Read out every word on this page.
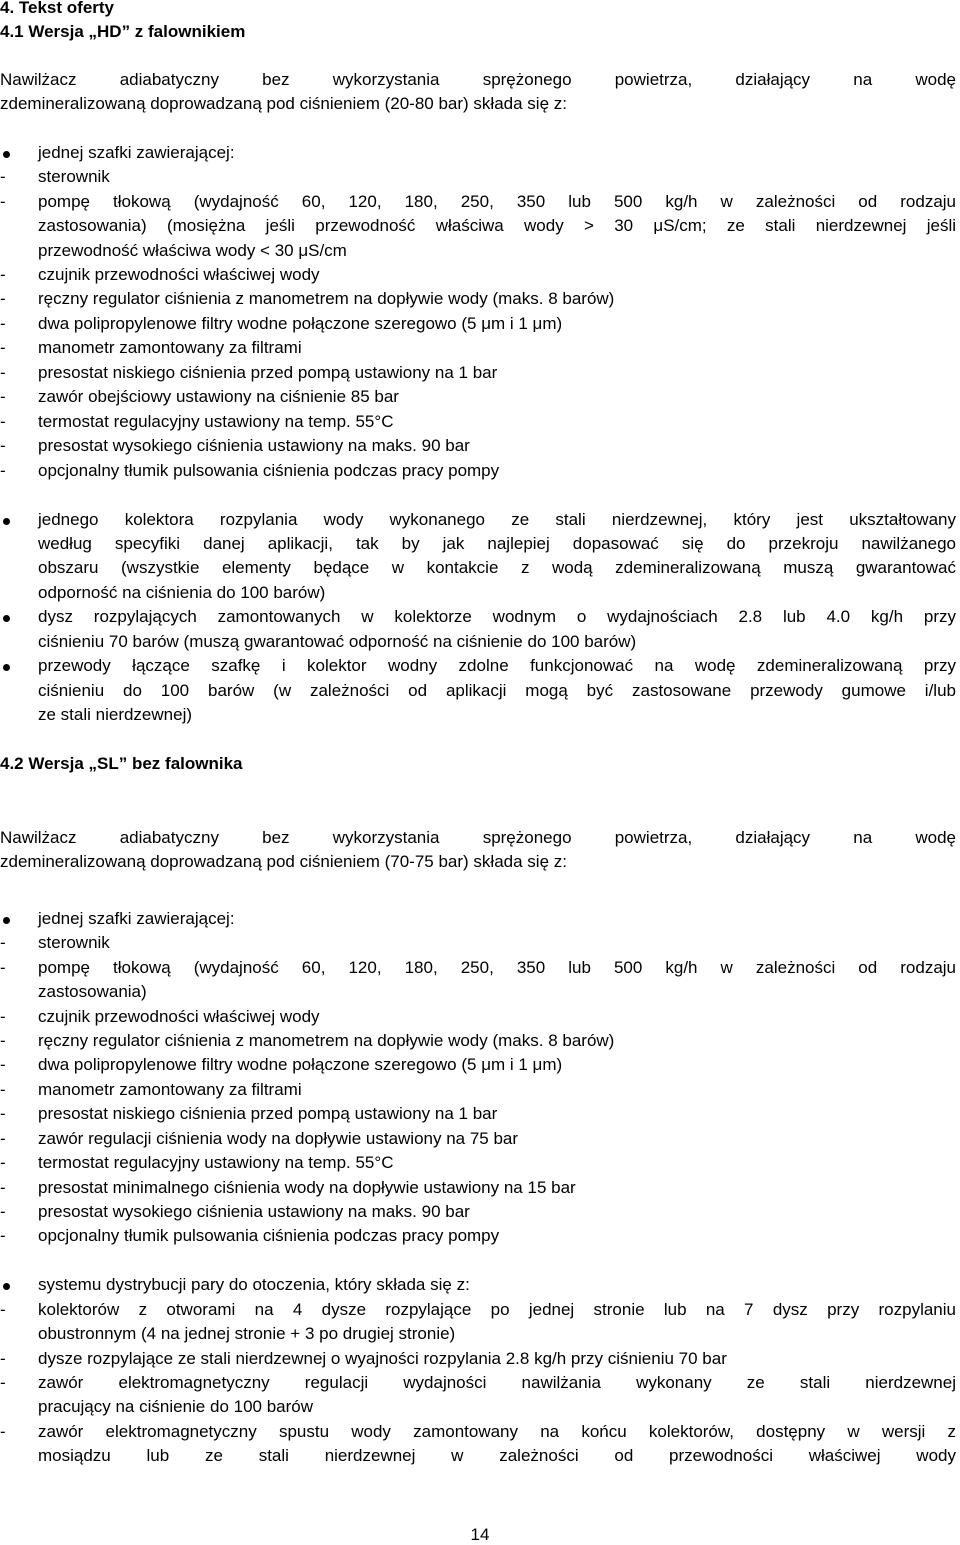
4. Tekst oferty
4.1 Wersja „HD” z falownikiem
Nawilżacz adiabatyczny bez wykorzystania sprężonego powietrza, działający na wodę
zdemineralizowaną doprowadzaną pod ciśnieniem (20-80 bar) składa się z:
jednej szafki zawierającej:
- sterownik
- pompę tłokową (wydajność 60, 120, 180, 250, 350 lub 500 kg/h w zależności od rodzaju
zastosowania) (mosiężna jeśli przewodność właściwa wody > 30 μS/cm; ze stali nierdzewnej jeśli
przewodność właściwa wody < 30 μS/cm
- czujnik przewodności właściwej wody
- ręczny regulator ciśnienia z manometrem na dopływie wody (maks. 8 barów)
- dwa polipropylenowe filtry wodne połączone szeregowo (5 μm i 1 μm)
- manometr zamontowany za filtrami
- presostat niskiego ciśnienia przed pompą ustawiony na 1 bar
- zawór obejściowy ustawiony na ciśnienie 85 bar
- termostat regulacyjny ustawiony na temp. 55°C
- presostat wysokiego ciśnienia ustawiony na maks. 90 bar
- opcjonalny tłumik pulsowania ciśnienia podczas pracy pompy
jednego kolektora rozpylania wody wykonanego ze stali nierdzewnej, który jest ukształtowany
według specyfiki danej aplikacji, tak by jak najlepiej dopasować się do przekroju nawilżanego
obszaru (wszystkie elementy będące w kontakcie z wodą zdemineralizowaną muszą gwarantować
odporność na ciśnienia do 100 barów)
dysz rozpylających zamontowanych w kolektorze wodnym o wydajnościach 2.8 lub 4.0 kg/h przy
ciśnieniu 70 barów (muszą gwarantować odporność na ciśnienie do 100 barów)
przewody łączące szafkę i kolektor wodny zdolne funkcjonować na wodę zdemineralizowaną przy
ciśnieniu do 100 barów (w zależności od aplikacji mogą być zastosowane przewody gumowe i/lub
ze stali nierdzewnej)
4.2 Wersja „SL” bez falownika
Nawilżacz adiabatyczny bez wykorzystania sprężonego powietrza, działający na wodę
zdemineralizowaną doprowadzaną pod ciśnieniem (70-75 bar) składa się z:
jednej szafki zawierającej:
- sterownik
- pompę tłokową (wydajność 60, 120, 180, 250, 350 lub 500 kg/h w zależności od rodzaju
zastosowania)
- czujnik przewodności właściwej wody
- ręczny regulator ciśnienia z manometrem na dopływie wody (maks. 8 barów)
- dwa polipropylenowe filtry wodne połączone szeregowo (5 μm i 1 μm)
- manometr zamontowany za filtrami
- presostat niskiego ciśnienia przed pompą ustawiony na 1 bar
- zawór regulacji ciśnienia wody na dopływie ustawiony na 75 bar
- termostat regulacyjny ustawiony na temp. 55°C
- presostat minimalnego ciśnienia wody na dopływie ustawiony na 15 bar
- presostat wysokiego ciśnienia ustawiony na maks. 90 bar
- opcjonalny tłumik pulsowania ciśnienia podczas pracy pompy
systemu dystrybucji pary do otoczenia, który składa się z:
- kolektorów z otworami na 4 dysze rozpylające po jednej stronie lub na 7 dysz przy rozpylaniu
obustronnym (4 na jednej stronie + 3 po drugiej stronie)
- dysze rozpylające ze stali nierdzewnej o wyajności rozpylania 2.8 kg/h przy ciśnieniu 70 bar
- zawór elektromagnetyczny regulacji wydajności nawilżania wykonany ze stali nierdzewnej
pracujący na ciśnienie do 100 barów
- zawór elektromagnetyczny spustu wody zamontowany na końcu kolektorów, dostępny w wersji z
mosiądzu lub ze stali nierdzewnej w zależności od przewodności właściwej wody
14
